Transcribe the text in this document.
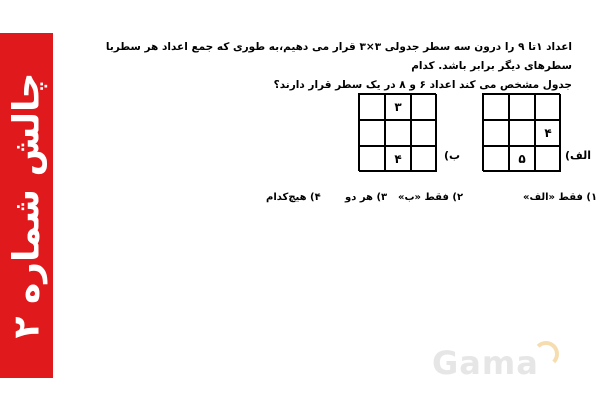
چالش شماره ۲
اعداد ۱تا ۹ را درون سه سطر جدولی ۳×۳ قرار می دهیم،به طوری که جمع اعداد هر سطربا سطرهای دیگر برابر باشد. کدام
جدول مشخص می کند اعداد ۶ و ۸ در یک سطر قرار دارند؟
۴
۵	الف)
۳
۴	ب)
۱) فقط «الف»
۲) فقط «ب»
۳) هر دو
۴) هیچ‌کدام
Gama
